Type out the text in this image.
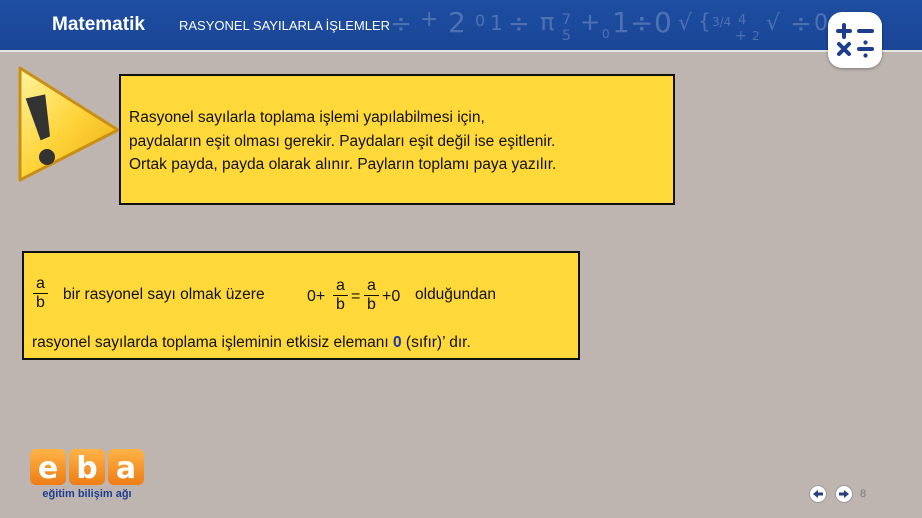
Matematik	RASYONEL SAYILARLA İŞLEMLER ÷ + 2 0 1 ÷ π 7
5 + 0 1 ÷ 0 √ { 3/4 4
+ 2 √ ÷ 0

Rasyonel sayılarla toplama işlemi yapılabilmesi için,

paydaların eşit olması gerekir. Paydaları eşit değil ise eşitlenir.

Ortak payda, payda olarak alınır. Payların toplamı paya yazılır.

$\frac{a}{b}$ bir rasyonel sayı olmak üzere	$0+ \frac{a}{b} = \frac{a}{b} +0$ olduğundan
rasyonel sayılarda toplama işleminin etkisiz elemanı 0 (sıfır)’ dır.
e b a
eğitim bilişim ağı	8
